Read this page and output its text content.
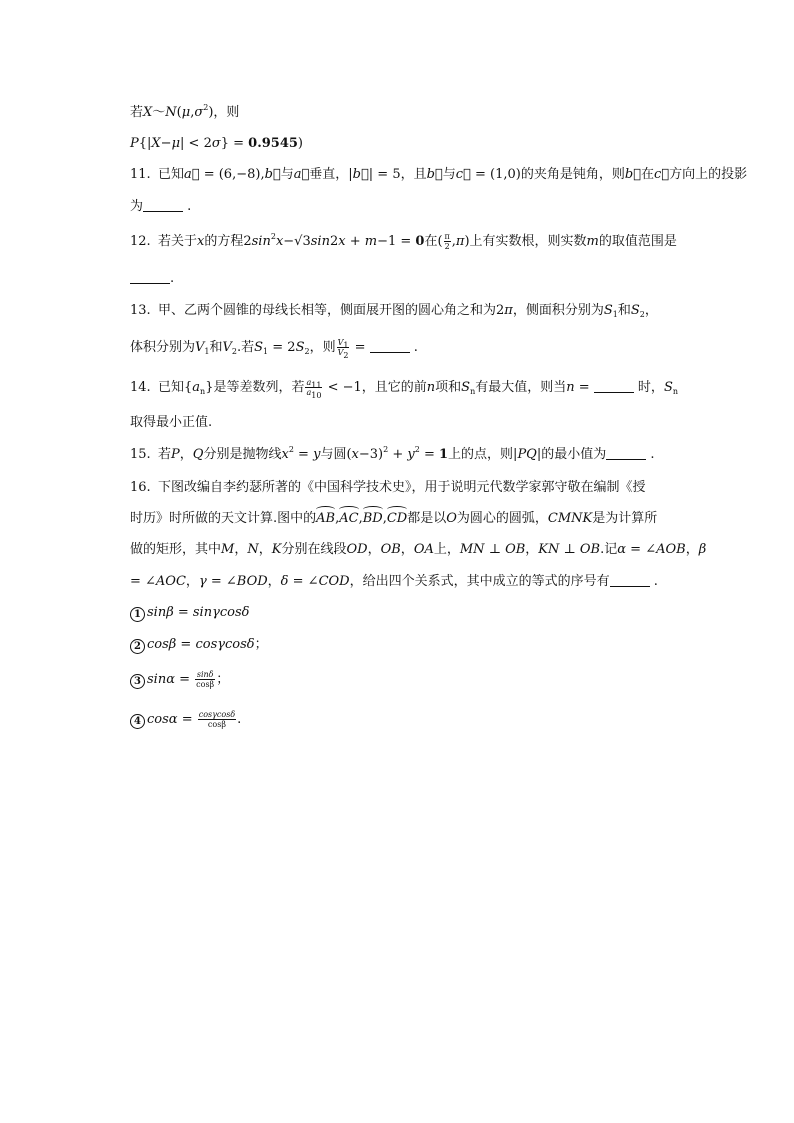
若$X\sim N(\mu,\sigma^2)$，则
P{|X−μ| < 2σ} = 0.9545)
11. 已知a⃗ = (6,−8),b⃗与a⃗垂直，|b⃗| = 5，且b⃗与c⃗ = (1,0)的夹角是钝角，则b⃗在c⃗方向上的投影
为	.
12. 若关于x的方程$2\sin^2x-√3\sin 2x + m-1 = 0$在( $\frac{\pi}{2} ,\pi$)上有实数根，则实数m的取值范围是
.
13. 甲、乙两个圆锥的母线长相等，侧面展开图的圆心角之和为2π，侧面积分别为$S_1$和$S_2$，
体积分别为$V_1$和$V_2$.若$S_1 = 2S_2$，则 $\frac{V_1}{V_2}$ =	.
14. 已知$\{a_n\}$是等差数列，若 $\frac{a_{11}}{a_{10}} < -1$，且它的前n项和$S_n$有最大值，则当n =	时，$S_n$
取得最小正值.
15. 若P，Q分别是抛物线$x^2 = y$与圆$(x-3)^2 + y^2 = 1$上的点，则|PQ|的最小值为	.
16. 下图改编自李约瑟所著的《中国科学技术史》，用于说明元代数学家郭守敬在编制《授
时历》时所做的天文计算.图中的AB,AC,BD,CD都是以O为圆心的圆弧，CMNK是为计算所
做的矩形，其中M，N，K分别在线段OD，OB，OA上，MN ⊥ OB，KN ⊥ OB.记α = ∠AOB，β
= ∠AOC，γ = ∠BOD，δ = ∠COD，给出四个关系式，其中成立的等式的序号有	.
1 sinβ = sinγcosδ
2 cosβ = cosγcosδ；
3 $\sin\alpha = \frac{\sin\delta}{\cos\beta}$ ；
4 $\cos\alpha = \frac{\cos\gamma\cos\delta}{\cos\beta}$ .
